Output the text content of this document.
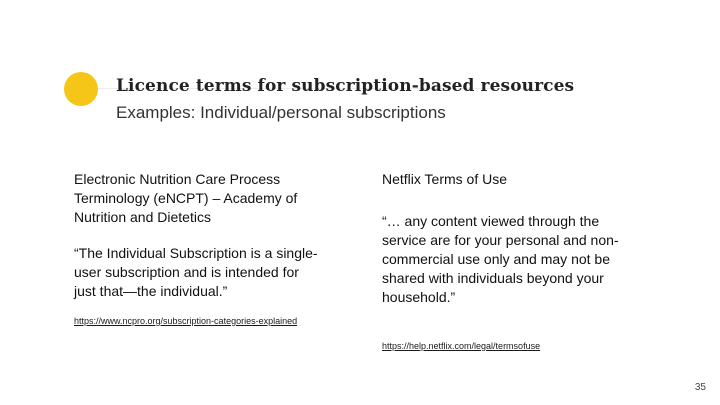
Licence terms for subscription-based resources
Examples: Individual/personal subscriptions

Electronic Nutrition Care Process Terminology (eNCPT) – Academy of Nutrition and Dietetics

“The Individual Subscription is a single-user subscription and is intended for just that—the individual.”

https://www.ncpro.org/subscription-categories-explained

Netflix Terms of Use

“… any content viewed through the service are for your personal and non-commercial use only and may not be shared with individuals beyond your household.”

https://help.netflix.com/legal/termsofuse
35
